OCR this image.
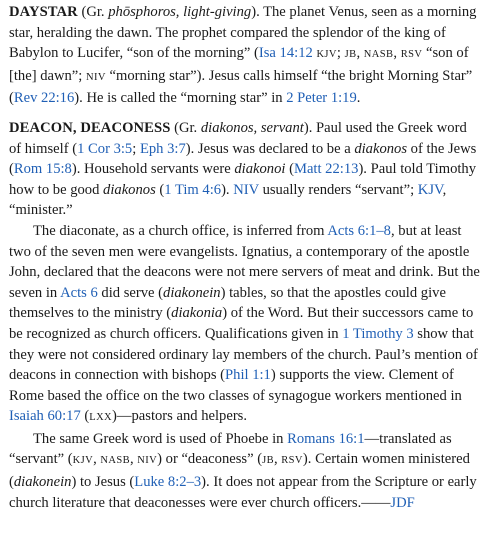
DAYSTAR (Gr. phōsphoros, light-giving). The planet Venus, seen as a morning star, heralding the dawn. The prophet compared the splendor of the king of Babylon to Lucifer, “son of the morning” (Isa 14:12 KJV; JB, NASB, RSV “son of [the] dawn”; NIV “morning star”). Jesus calls himself “the bright Morning Star” (Rev 22:16). He is called the “morning star” in 2 Peter 1:19.

DEACON, DEACONESS (Gr. diakonos, servant). Paul used the Greek word of himself (1 Cor 3:5; Eph 3:7). Jesus was declared to be a diakonos of the Jews (Rom 15:8). Household servants were diakonoi (Matt 22:13). Paul told Timothy how to be good diakonos (1 Tim 4:6). NIV usually renders “servant”; KJV, “minister.”

The diaconate, as a church office, is inferred from Acts 6:1–8, but at least two of the seven men were evangelists. Ignatius, a contemporary of the apostle John, declared that the deacons were not mere servers of meat and drink. But the seven in Acts 6 did serve (diakonein) tables, so that the apostles could give themselves to the ministry (diakonia) of the Word. But their successors came to be recognized as church officers. Qualifications given in 1 Timothy 3 show that they were not considered ordinary lay members of the church. Paul’s mention of deacons in connection with bishops (Phil 1:1) supports the view. Clement of Rome based the office on the two classes of synagogue workers mentioned in Isaiah 60:17 (LXX)—pastors and helpers.

The same Greek word is used of Phoebe in Romans 16:1—translated as “servant” (KJV, NASB, NIV) or “deaconess” (JB, RSV). Certain women ministered (diakonein) to Jesus (Luke 8:2–3). It does not appear from the Scripture or early church literature that deaconesses were ever church officers.——JDF
